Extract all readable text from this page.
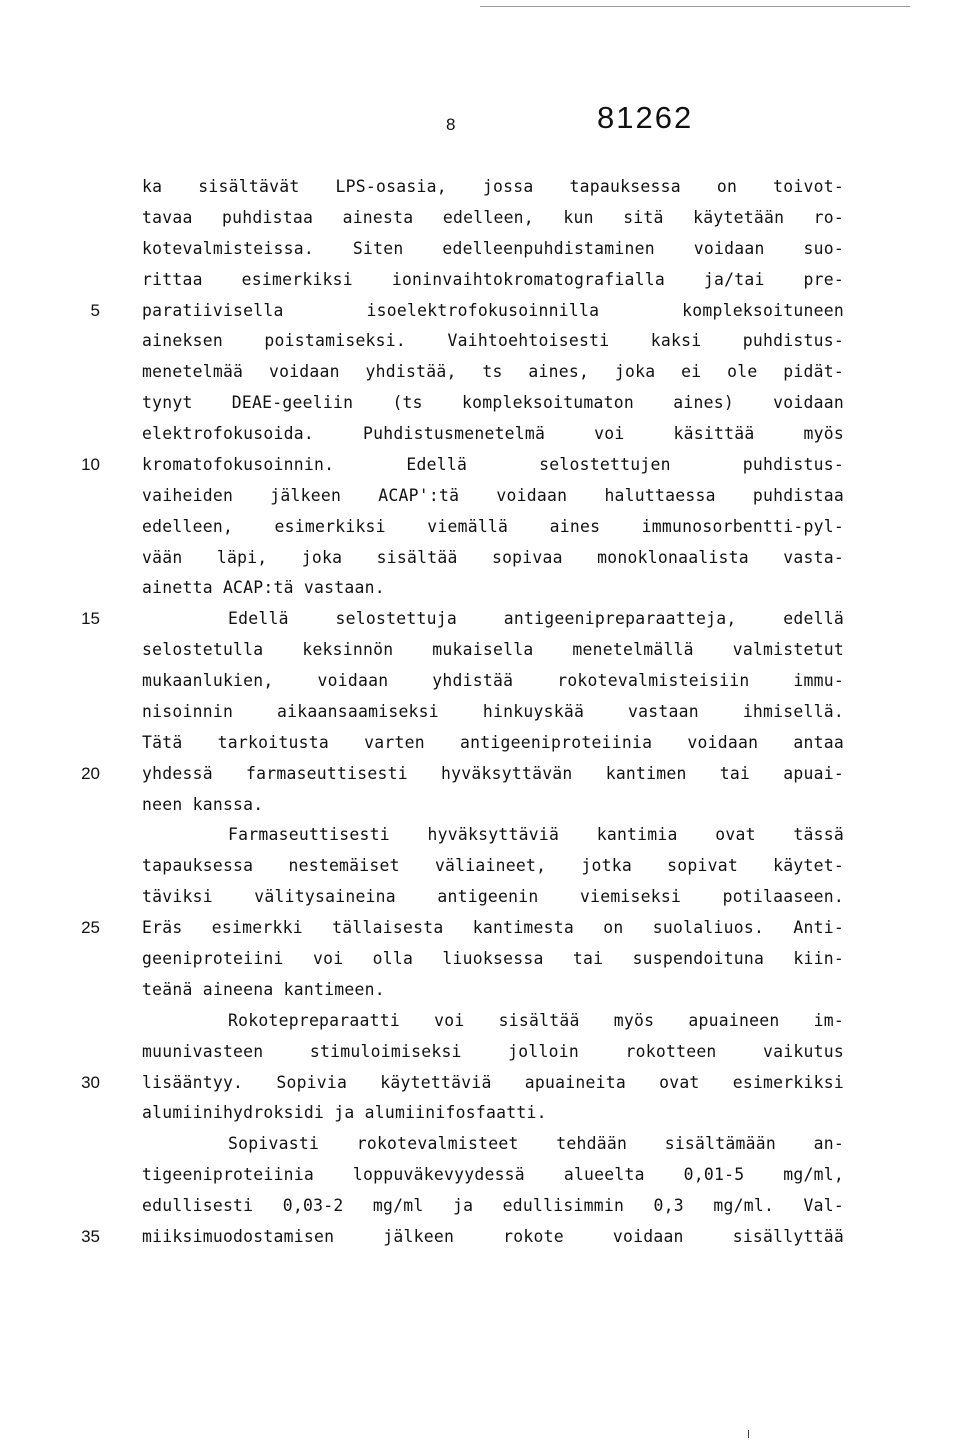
8	81262
ka sisältävät LPS-osasia, jossa tapauksessa on toivot-
tavaa puhdistaa ainesta edelleen, kun sitä käytetään ro-
kotevalmisteissa. Siten edelleenpuhdistaminen voidaan suo-
rittaa esimerkiksi ioninvaihtokromatografialla ja/tai pre-
paratiivisella isoelektrofokusoinnilla kompleksoituneen
5
aineksen poistamiseksi. Vaihtoehtoisesti kaksi puhdistus-
menetelmää voidaan yhdistää, ts aines, joka ei ole pidät-
tynyt DEAE-geeliin (ts kompleksoitumaton aines) voidaan
elektrofokusoida. Puhdistusmenetelmä voi käsittää myös
kromatofokusoinnin. Edellä selostettujen puhdistus-
10
vaiheiden jälkeen ACAP':tä voidaan haluttaessa puhdistaa
edelleen, esimerkiksi viemällä aines immunosorbentti-pyl-
vään läpi, joka sisältää sopivaa monoklonaalista vasta-
ainetta ACAP:tä vastaan.
Edellä selostettuja antigeenipreparaatteja, edellä
15
selostetulla keksinnön mukaisella menetelmällä valmistetut
mukaanlukien, voidaan yhdistää rokotevalmisteisiin immu-
nisoinnin aikaansaamiseksi hinkuyskää vastaan ihmisellä.
Tätä tarkoitusta varten antigeeniproteiinia voidaan antaa
yhdessä farmaseuttisesti hyväksyttävän kantimen tai apuai-
20
neen kanssa.
Farmaseuttisesti hyväksyttäviä kantimia ovat tässä
tapauksessa nestemäiset väliaineet, jotka sopivat käytet-
täviksi välitysaineina antigeenin viemiseksi potilaaseen.
Eräs esimerkki tällaisesta kantimesta on suolaliuos. Anti-
25
geeniproteiini voi olla liuoksessa tai suspendoituna kiin-
teänä aineena kantimeen.
Rokotepreparaatti voi sisältää myös apuaineen im-
muunivasteen stimuloimiseksi jolloin rokotteen vaikutus
lisääntyy. Sopivia käytettäviä apuaineita ovat esimerkiksi
30
alumiinihydroksidi ja alumiinifosfaatti.
Sopivasti rokotevalmisteet tehdään sisältämään an-
tigeeniproteiinia loppuväkevyydessä alueelta 0,01-5 mg/ml,
edullisesti 0,03-2 mg/ml ja edullisimmin 0,3 mg/ml. Val-
miiksimuodostamisen jälkeen rokote voidaan sisällyttää
35
